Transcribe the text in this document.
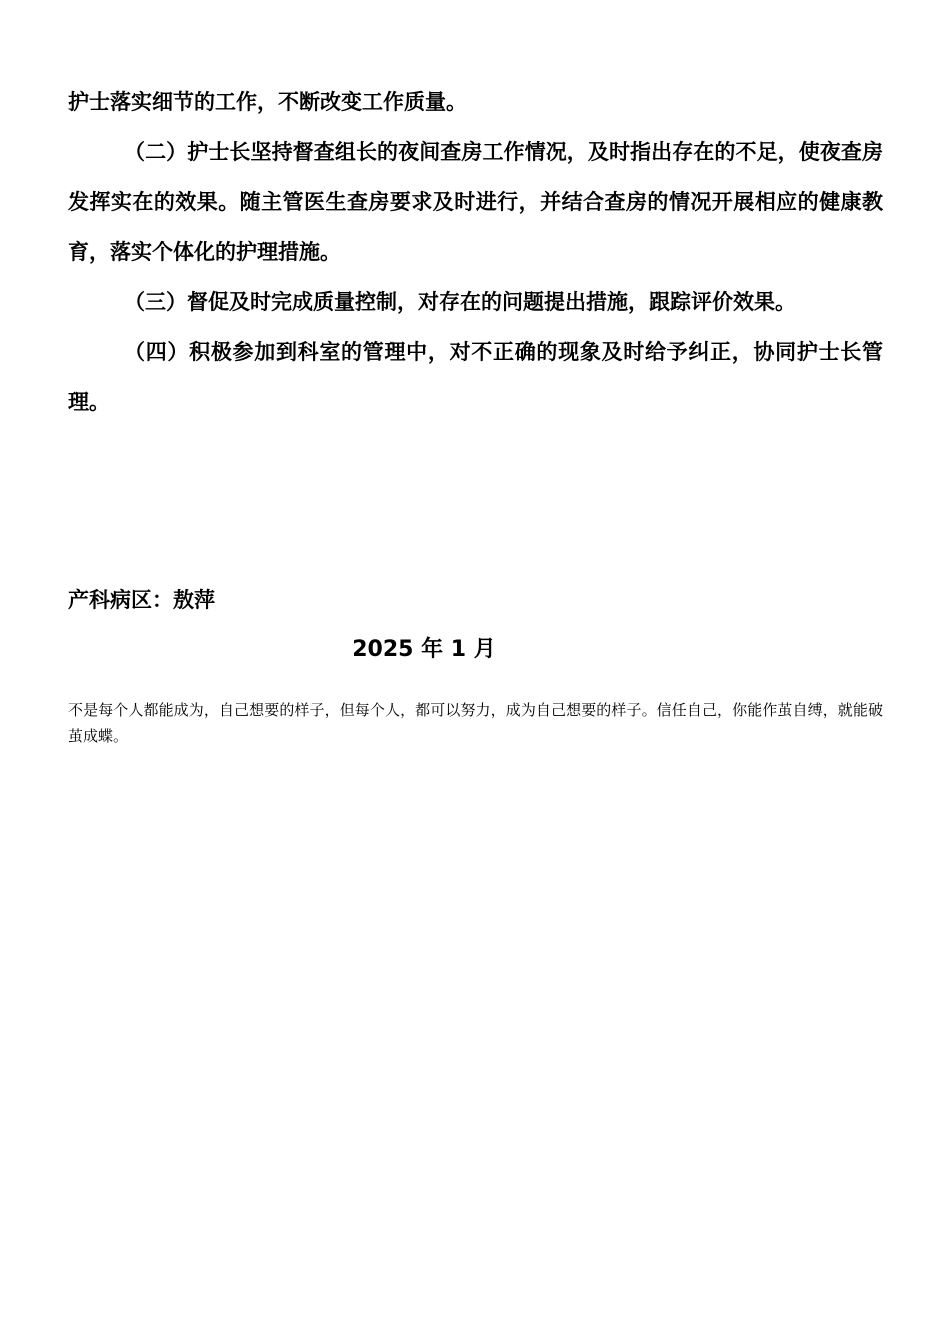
护士落实细节的工作，不断改变工作质量。

（二）护士长坚持督查组长的夜间查房工作情况，及时指出存在的不足，使夜查房发挥实在的效果。随主管医生查房要求及时进行，并结合查房的情况开展相应的健康教育，落实个体化的护理措施。

（三）督促及时完成质量控制，对存在的问题提出措施，跟踪评价效果。

（四）积极参加到科室的管理中，对不正确的现象及时给予纠正，协同护士长管理。

产科病区：敖萍

2025 年 1 月

不是每个人都能成为，自己想要的样子，但每个人，都可以努力，成为自己想要的样子。信任自己，你能作茧自缚，就能破茧成蝶。
